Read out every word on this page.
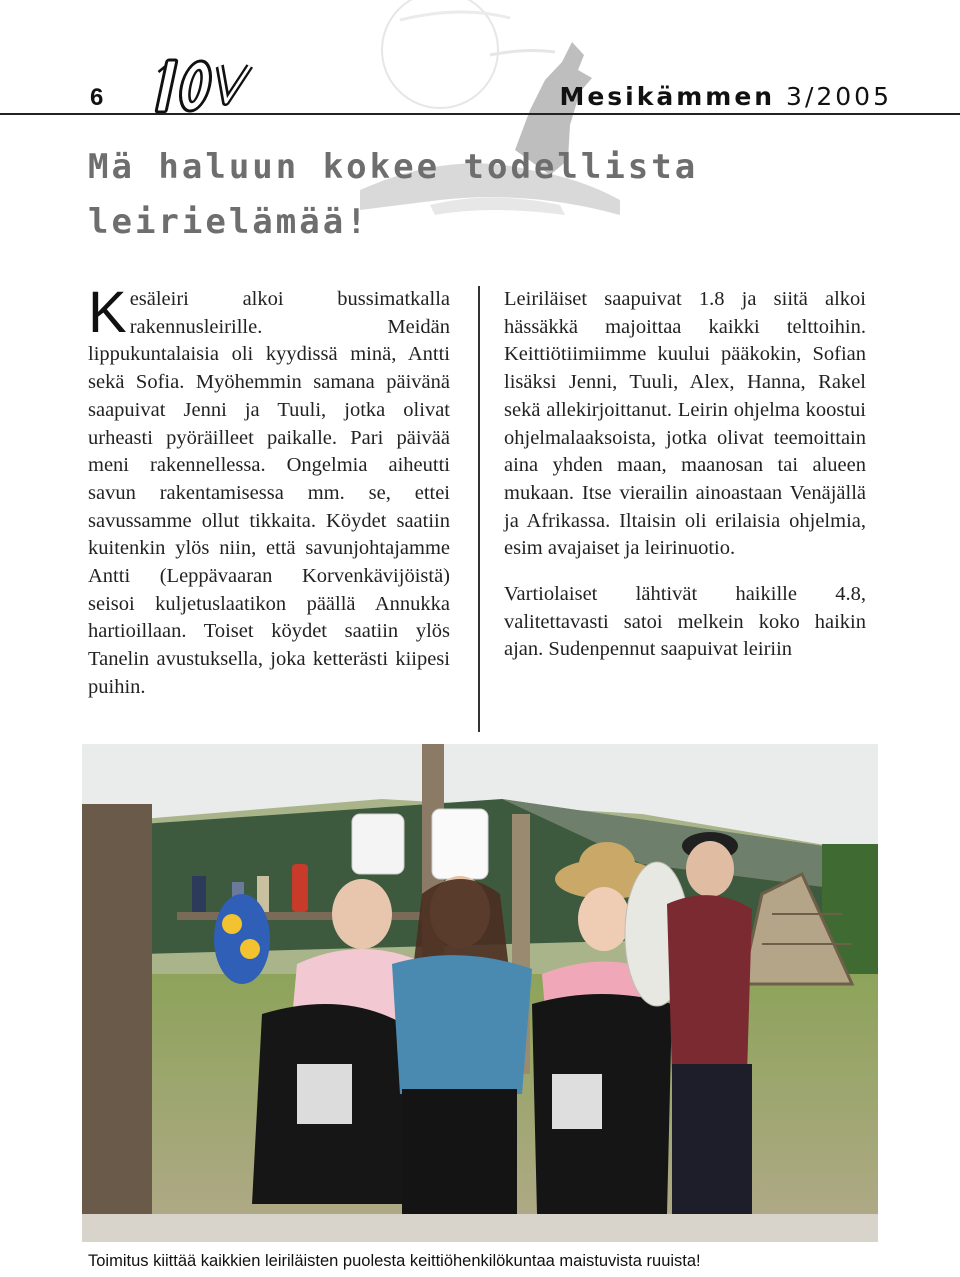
6	Mesikämmen 3/2005
Mä haluun kokee todellista leirielämää!

Kesäleiri alkoi bussimatkalla rakennusleirille. Meidän lippukuntalaisia oli kyydissä minä, Antti sekä Sofia. Myöhemmin samana päivänä saapuivat Jenni ja Tuuli, jotka olivat urheasti pyöräilleet paikalle. Pari päivää meni rakennellessa. Ongelmia aiheutti savun rakentamisessa mm. se, ettei savussamme ollut tikkaita. Köydet saatiin kuitenkin ylös niin, että savunjohtajamme Antti (Leppävaaran Korvenkävijöistä) seisoi kuljetuslaatikon päällä Annukka hartioillaan. Toiset köydet saatiin ylös Tanelin avustuksella, joka ketterästi kiipesi puihin.

Leiriläiset saapuivat 1.8 ja siitä alkoi hässäkkä majoittaa kaikki telttoihin. Keittiötiimiimme kuului pääkokin, Sofian lisäksi Jenni, Tuuli, Alex, Hanna, Rakel sekä allekirjoittanut. Leirin ohjelma koostui ohjelmalaaksoista, jotka olivat teemoittain aina yhden maan, maanosan tai alueen mukaan. Itse vierailin ainoastaan Venäjällä ja Afrikassa. Iltaisin oli erilaisia ohjelmia, esim avajaiset ja leirinuotio.

Vartiolaiset lähtivät haikille 4.8, valitettavasti satoi melkein koko haikin ajan. Sudenpennut saapuivat leiriin

Toimitus kiittää kaikkien leiriläisten puolesta keittiöhenkilökuntaa maistuvista ruuista!
